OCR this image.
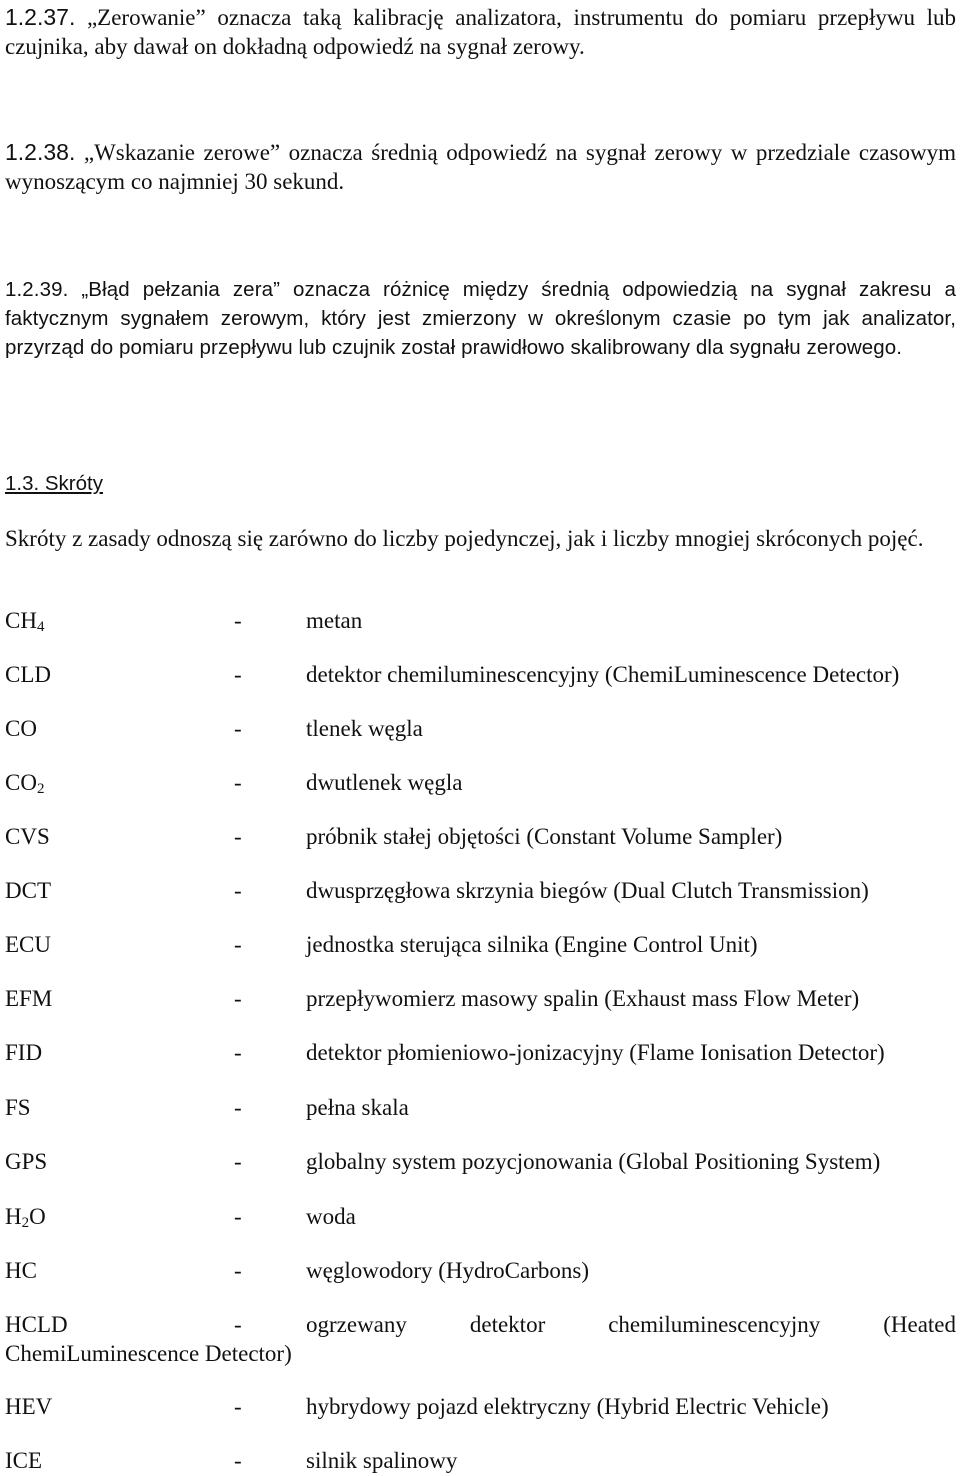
1.2.37. „Zerowanie” oznacza taką kalibrację analizatora, instrumentu do pomiaru przepływu lub czujnika, aby dawał on dokładną odpowiedź na sygnał zerowy.
1.2.38. „Wskazanie zerowe” oznacza średnią odpowiedź na sygnał zerowy w przedziale czasowym wynoszącym co najmniej 30 sekund.
1.2.39. „Błąd pełzania zera” oznacza różnicę między średnią odpowiedzią na sygnał zakresu a faktycznym sygnałem zerowym, który jest zmierzony w określonym czasie po tym jak analizator, przyrząd do pomiaru przepływu lub czujnik został prawidłowo skalibrowany dla sygnału zerowego.
1.3. Skróty
Skróty z zasady odnoszą się zarówno do liczby pojedynczej, jak i liczby mnogiej skróconych pojęć.
$CH_4$	-	metan
CLD	-	detektor chemiluminescencyjny (ChemiLuminescence Detector)
CO	-	tlenek węgla
$CO_2$	-	dwutlenek węgla
CVS	-	próbnik stałej objętości (Constant Volume Sampler)
DCT	-	dwusprzęgłowa skrzynia biegów (Dual Clutch Transmission)
ECU	-	jednostka sterująca silnika (Engine Control Unit)
EFM	-	przepływomierz masowy spalin (Exhaust mass Flow Meter)
FID	-	detektor płomieniowo-jonizacyjny (Flame Ionisation Detector)
FS	-	pełna skala
GPS	-	globalny system pozycjonowania (Global Positioning System)
$H_2O$	-	woda
HC	-	węglowodory (HydroCarbons)
HCLD	-	ogrzewany detektor chemiluminescencyjny (Heated
ChemiLuminescence Detector)
HEV	-	hybrydowy pojazd elektryczny (Hybrid Electric Vehicle)
ICE	-	silnik spalinowy
